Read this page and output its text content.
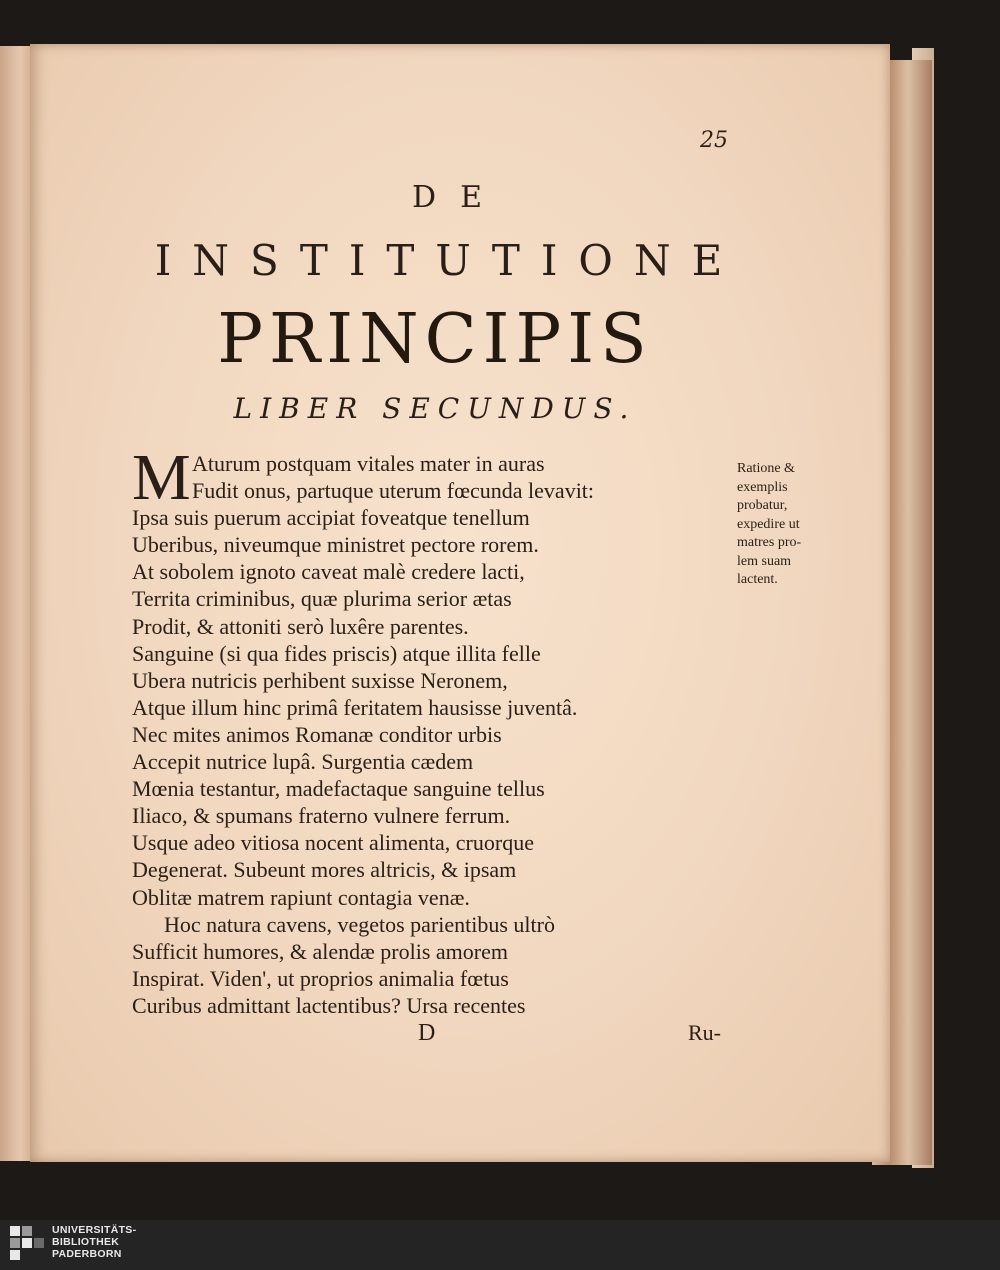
25
DE
INSTITUTIONE
PRINCIPIS
LIBER SECUNDUS.
M Aturum postquam vitales mater in auras
Fudit onus, partuque uterum fœcunda levavit:
Ipsa suis puerum accipiat foveatque tenellum
Uberibus, niveumque ministret pectore rorem.
At sobolem ignoto caveat malè credere lacti,
Territa criminibus, quæ plurima serior ætas
Prodit, & attoniti serò luxêre parentes.
Sanguine (si qua fides priscis) atque illita felle
Ubera nutricis perhibent suxisse Neronem,
Atque illum hinc primâ feritatem hausisse juventâ.
Nec mites animos Romanæ conditor urbis
Accepit nutrice lupâ. Surgentia cædem
Mœnia testantur, madefactaque sanguine tellus
Iliaco, & spumans fraterno vulnere ferrum.
Usque adeo vitiosa nocent alimenta, cruorque
Degenerat. Subeunt mores altricis, & ipsam
Oblitæ matrem rapiunt contagia venæ.
Hoc natura cavens, vegetos parientibus ultrò
Sufficit humores, & alendæ prolis amorem
Inspirat. Viden', ut proprios animalia fœtus
Curibus admittant lactentibus? Ursa recentes
Ratione &
exemplis
probatur,
expedire ut
matres pro-
lem suam
lactent.
D	Ru-
UNIVERSITÄTS-
BIBLIOTHEK
PADERBORN
